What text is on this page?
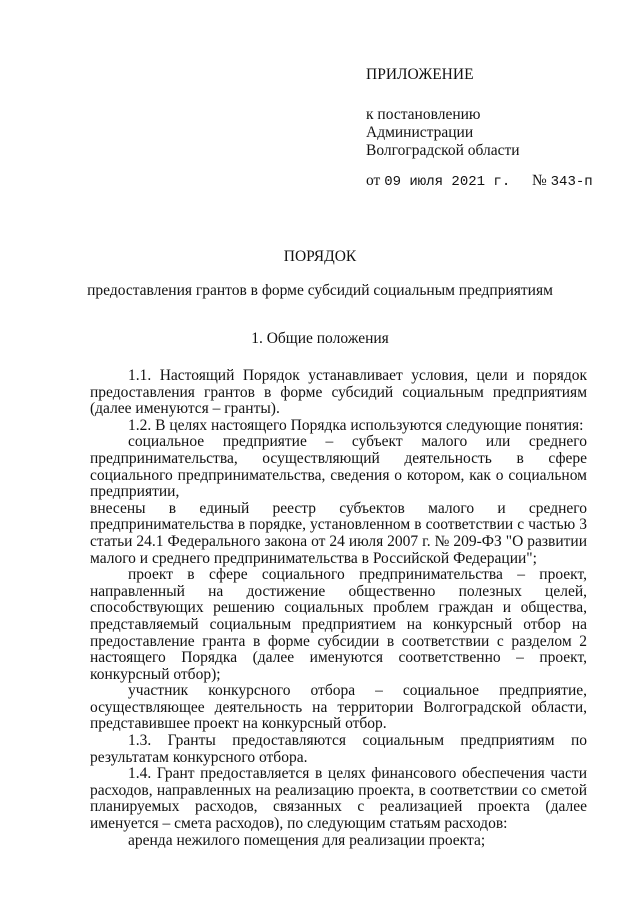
ПРИЛОЖЕНИЕ
к постановлению
Администрации
Волгоградской области
от 09 июля 2021 г. № 343-п
ПОРЯДОК
предоставления грантов в форме субсидий социальным предприятиям
1. Общие положения

1.1. Настоящий Порядок устанавливает условия, цели и порядок предоставления грантов в форме субсидий социальным предприятиям (далее именуются – гранты).

1.2. В целях настоящего Порядка используются следующие понятия:

социальное предприятие – субъект малого или среднего предпринимательства, осуществляющий деятельность в сфере социального предпринимательства, сведения о котором, как о социальном предприятии,

внесены в единый реестр субъектов малого и среднего

предпринимательства в порядке, установленном в соответствии с частью 3 статьи 24.1 Федерального закона от 24 июля 2007 г. № 209-ФЗ "О развитии малого и среднего предпринимательства в Российской Федерации";

проект в сфере социального предпринимательства – проект, направленный на достижение общественно полезных целей, способствующих решению социальных проблем граждан и общества, представляемый социальным предприятием на конкурсный отбор на предоставление гранта в форме субсидии в соответствии с разделом 2 настоящего Порядка (далее именуются соответственно – проект, конкурсный отбор);

участник конкурсного отбора – социальное предприятие, осуществляющее деятельность на территории Волгоградской области, представившее проект на конкурсный отбор.

1.3. Гранты предоставляются социальным предприятиям по результатам конкурсного отбора.

1.4. Грант предоставляется в целях финансового обеспечения части расходов, направленных на реализацию проекта, в соответствии со сметой планируемых расходов, связанных с реализацией проекта (далее именуется – смета расходов), по следующим статьям расходов:

аренда нежилого помещения для реализации проекта;
